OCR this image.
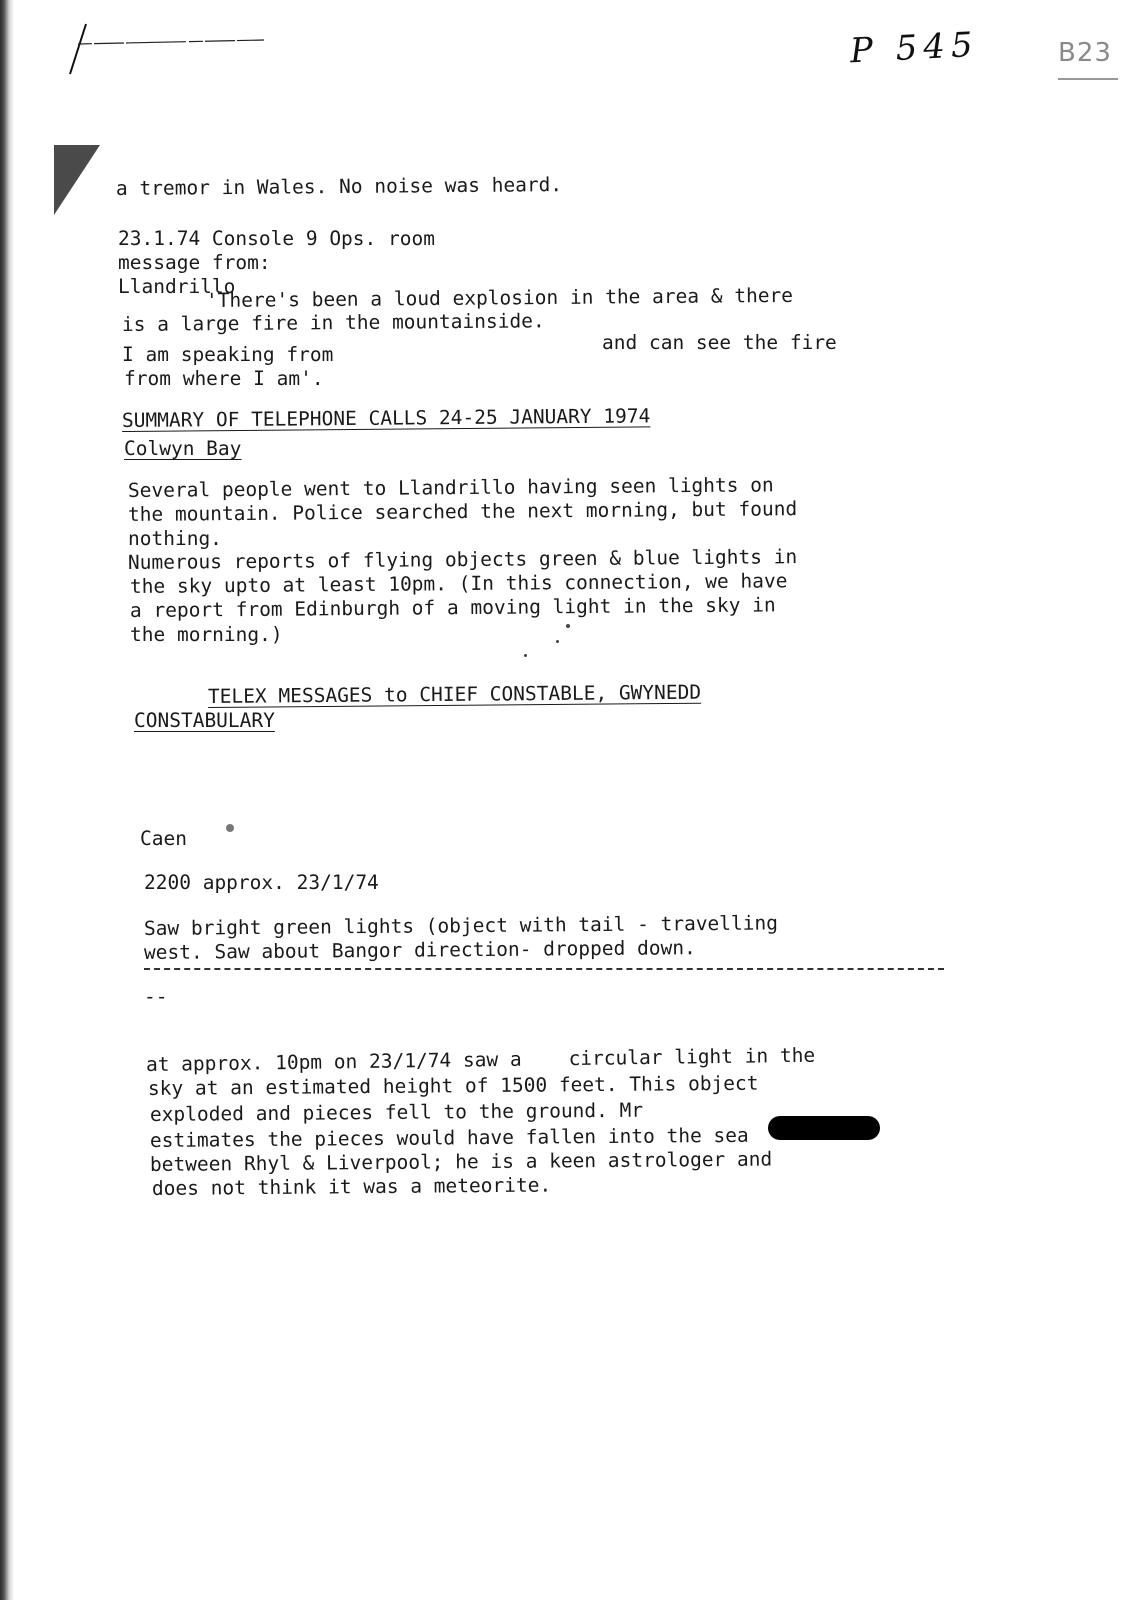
P 545	B23
a tremor in Wales. No noise was heard.
23.1.74 Console 9 Ops. room
message from:
Llandrillo
'There's been a loud explosion in the area & there
is a large fire in the mountainside.
I am speaking from
and can see the fire
from where I am'.
SUMMARY OF TELEPHONE CALLS 24-25 JANUARY 1974
Colwyn Bay
Several people went to Llandrillo having seen lights on
the mountain. Police searched the next morning, but found
nothing.
Numerous reports of flying objects green & blue lights in
the sky upto at least 10pm. (In this connection, we have
a report from Edinburgh of a moving light in the sky in
the morning.)
TELEX MESSAGES to CHIEF CONSTABLE, GWYNEDD
CONSTABULARY
Caen
2200 approx. 23/1/74
Saw bright green lights (object with tail - travelling
west. Saw about Bangor direction- dropped down.
--
at approx. 10pm on 23/1/74 saw a    circular light in the
sky at an estimated height of 1500 feet. This object
exploded and pieces fell to the ground. Mr
estimates the pieces would have fallen into the sea
between Rhyl & Liverpool; he is a keen astrologer and
does not think it was a meteorite.
